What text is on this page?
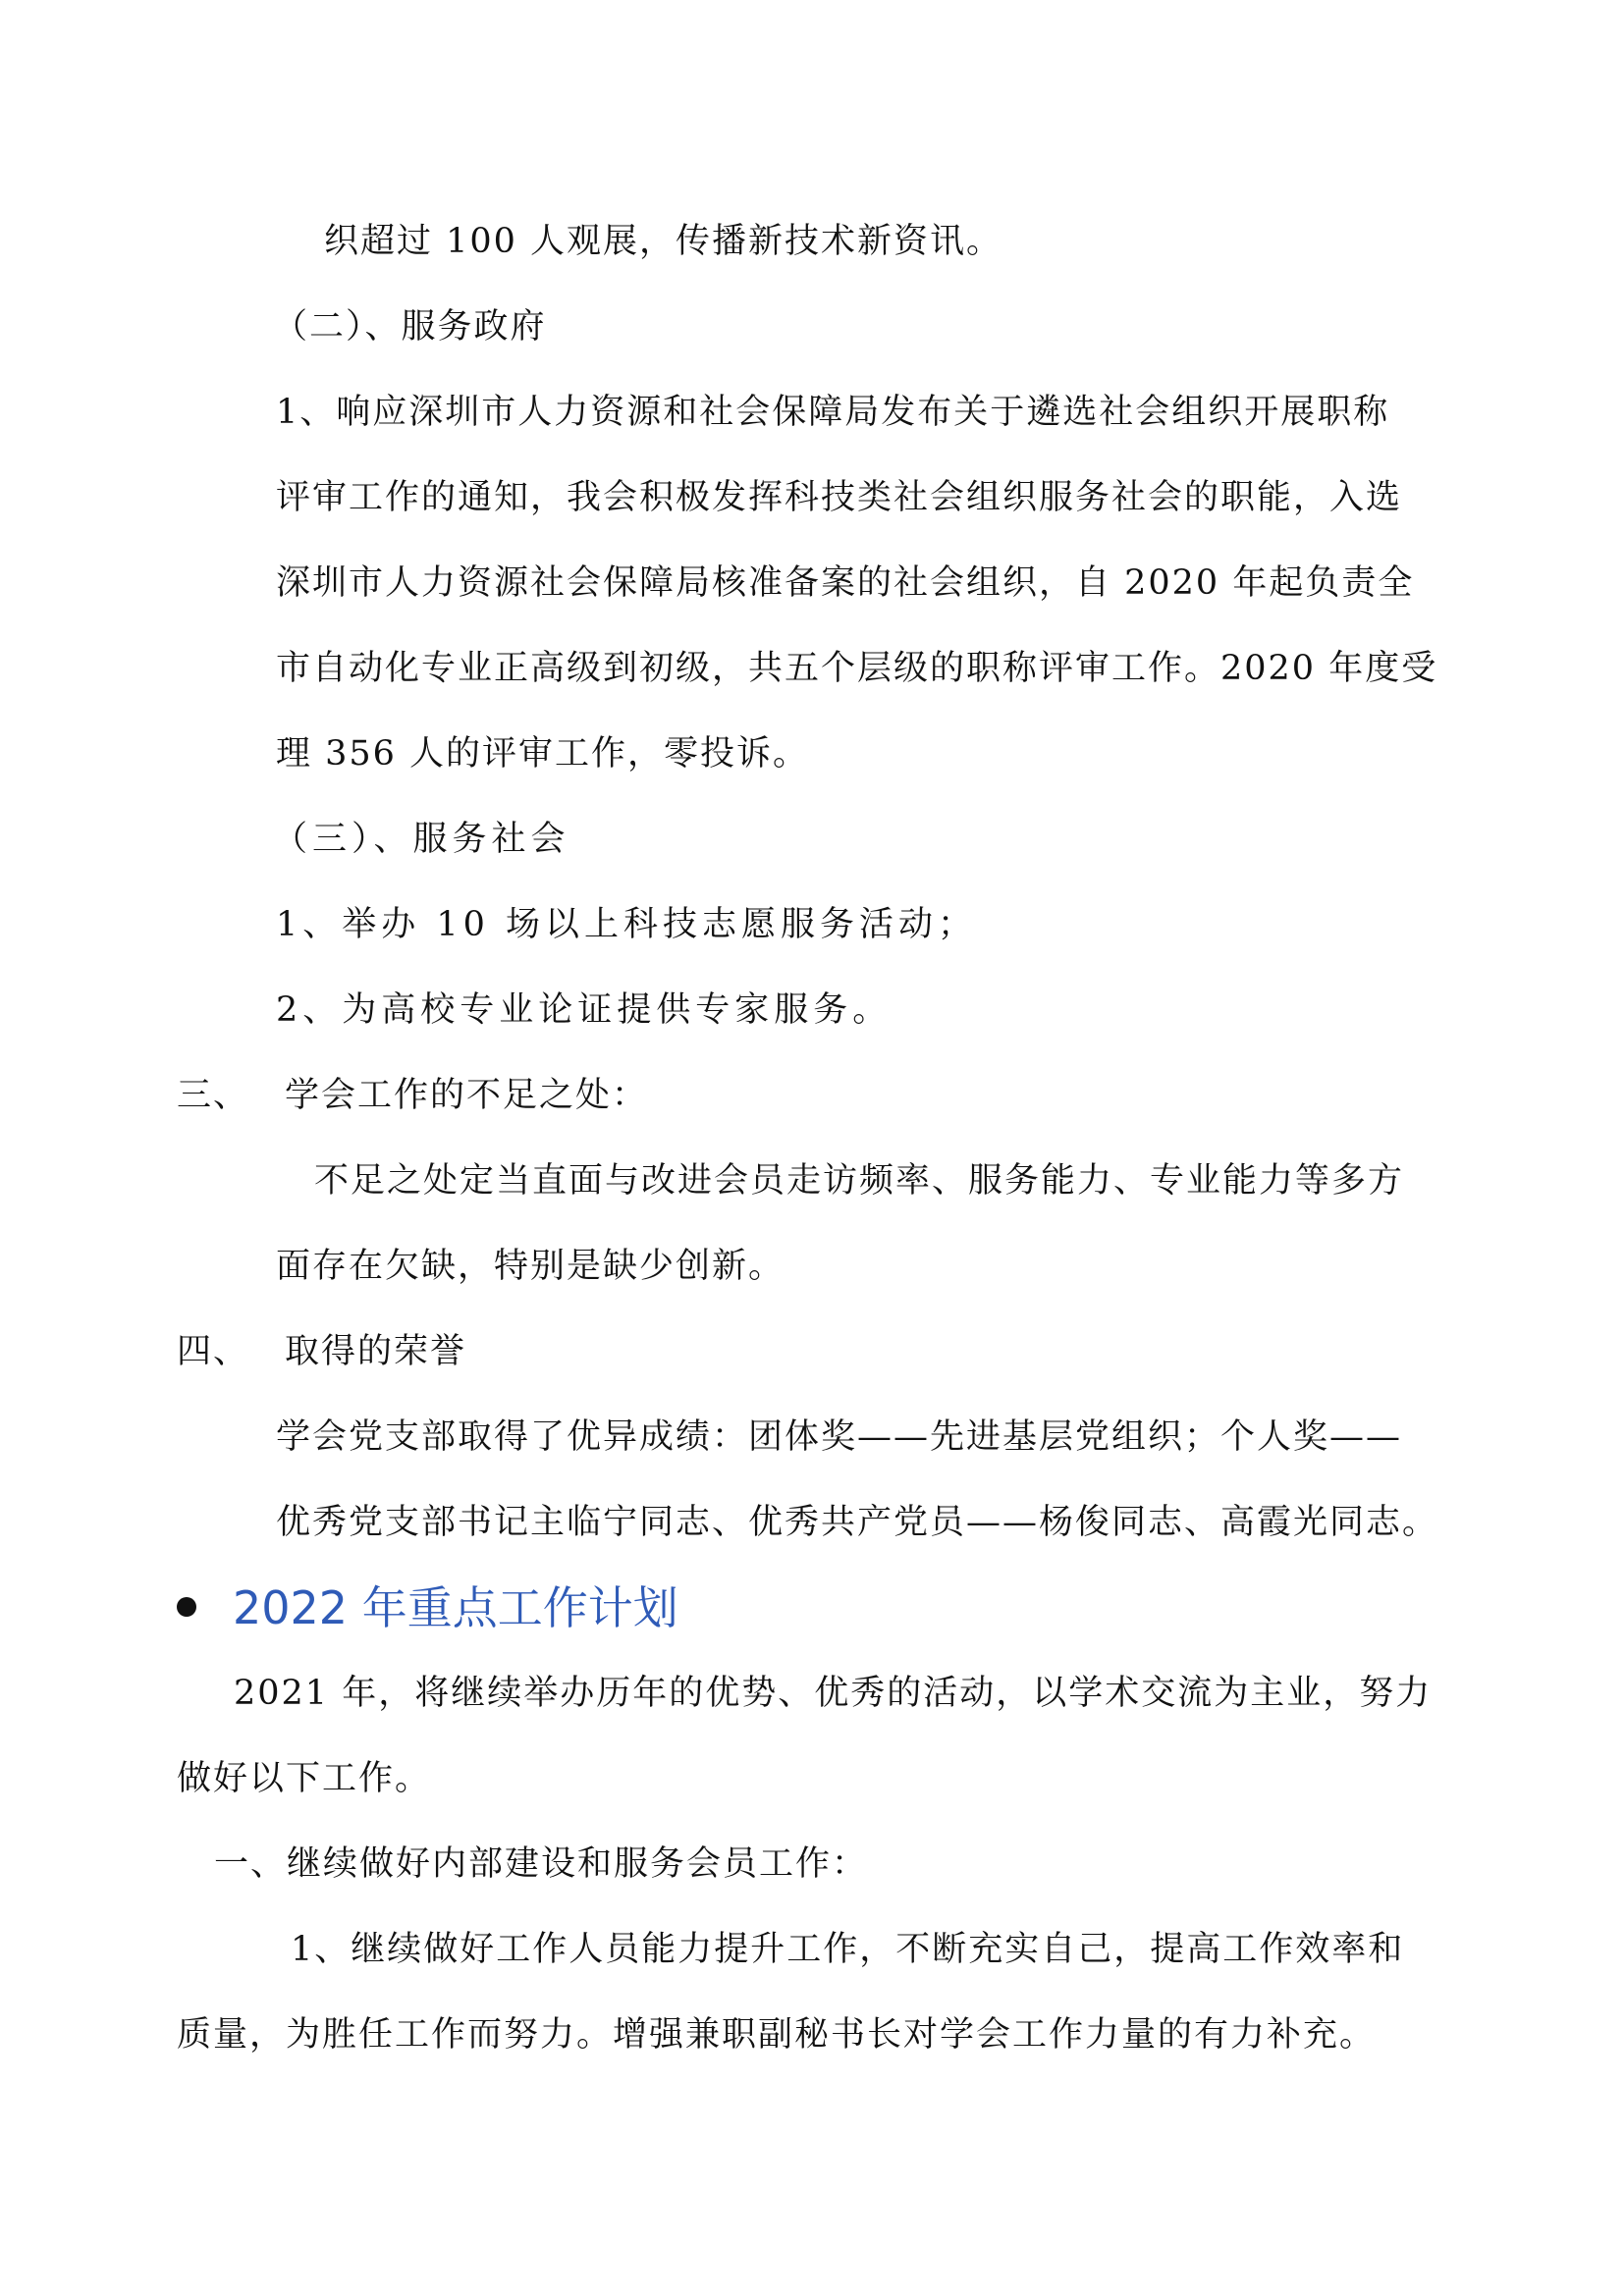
织超过 100 人观展，传播新技术新资讯。
（二）、服务政府
1、响应深圳市人力资源和社会保障局发布关于遴选社会组织开展职称
评审工作的通知，我会积极发挥科技类社会组织服务社会的职能，入选
深圳市人力资源社会保障局核准备案的社会组织，自 2020 年起负责全
市自动化专业正高级到初级，共五个层级的职称评审工作。2020 年度受
理 356 人的评审工作，零投诉。
（三）、服务社会
1、举办 10 场以上科技志愿服务活动；
2、为高校专业论证提供专家服务。
三、 学会工作的不足之处：
不足之处定当直面与改进会员走访频率、服务能力、专业能力等多方
面存在欠缺，特别是缺少创新。
四、 取得的荣誉
学会党支部取得了优异成绩：团体奖——先进基层党组织；个人奖——
优秀党支部书记主临宁同志、优秀共产党员——杨俊同志、高霞光同志。
2022 年重点工作计划
2021 年，将继续举办历年的优势、优秀的活动，以学术交流为主业，努力
做好以下工作。
一、继续做好内部建设和服务会员工作：
1、继续做好工作人员能力提升工作，不断充实自己，提高工作效率和
质量，为胜任工作而努力。增强兼职副秘书长对学会工作力量的有力补充。
